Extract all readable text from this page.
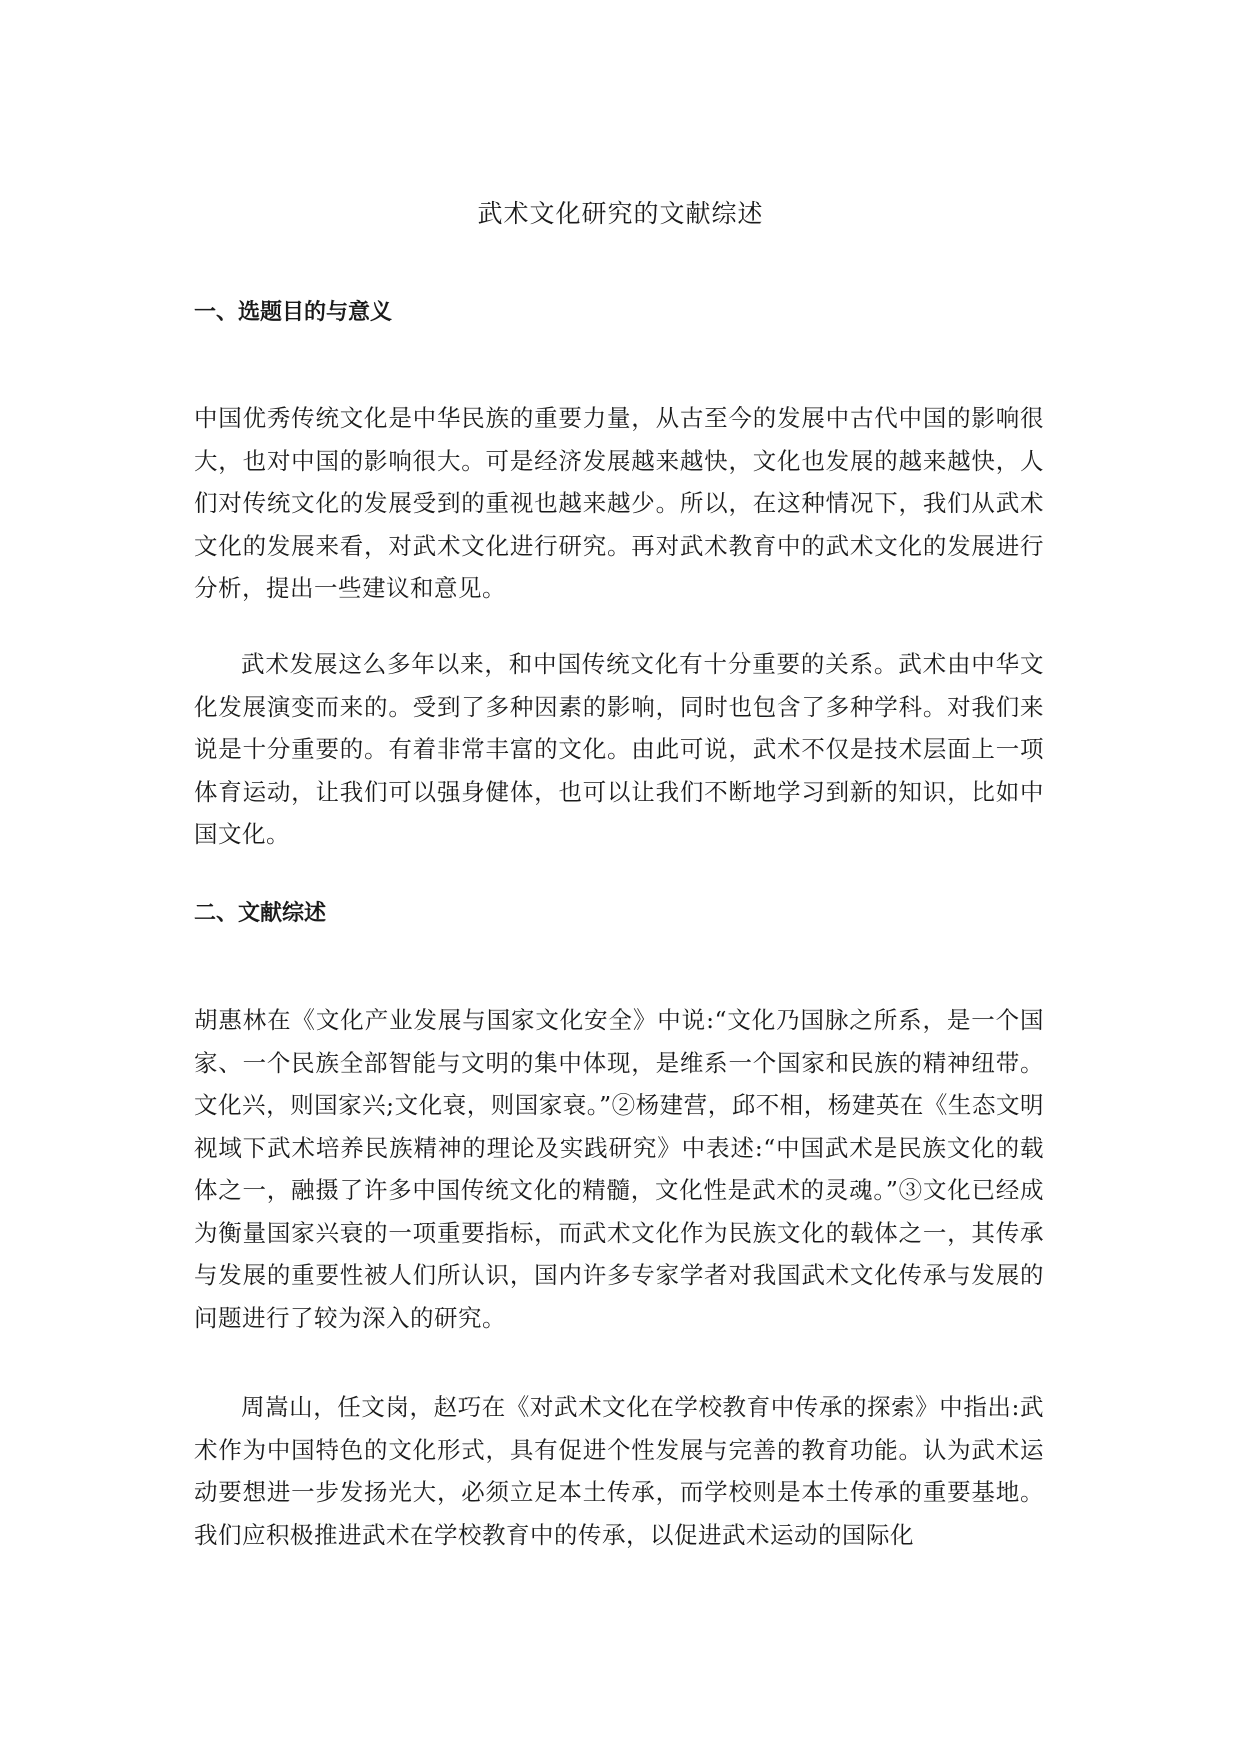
武术文化研究的文献综述
一、选题目的与意义

中国优秀传统文化是中华民族的重要力量，从古至今的发展中古代中国的影响很大，也对中国的影响很大。可是经济发展越来越快，文化也发展的越来越快，人们对传统文化的发展受到的重视也越来越少。所以，在这种情况下，我们从武术文化的发展来看，对武术文化进行研究。再对武术教育中的武术文化的发展进行分析，提出一些建议和意见。

武术发展这么多年以来，和中国传统文化有十分重要的关系。武术由中华文化发展演变而来的。受到了多种因素的影响，同时也包含了多种学科。对我们来说是十分重要的。有着非常丰富的文化。由此可说，武术不仅是技术层面上一项体育运动，让我们可以强身健体，也可以让我们不断地学习到新的知识，比如中国文化。

二、文献综述

胡惠林在《文化产业发展与国家文化安全》中说:“文化乃国脉之所系，是一个国家、一个民族全部智能与文明的集中体现，是维系一个国家和民族的精神纽带。文化兴，则国家兴;文化衰，则国家衰。”②杨建营，邱不相，杨建英在《生态文明视域下武术培养民族精神的理论及实践研究》中表述:“中国武术是民族文化的载体之一，融摄了许多中国传统文化的精髓，文化性是武术的灵魂。”③文化已经成为衡量国家兴衰的一项重要指标，而武术文化作为民族文化的载体之一，其传承与发展的重要性被人们所认识，国内许多专家学者对我国武术文化传承与发展的问题进行了较为深入的研究。

周嵩山，任文岗，赵巧在《对武术文化在学校教育中传承的探索》中指出:武术作为中国特色的文化形式，具有促进个性发展与完善的教育功能。认为武术运动要想进一步发扬光大，必须立足本土传承，而学校则是本土传承的重要基地。我们应积极推进武术在学校教育中的传承，以促进武术运动的国际化
